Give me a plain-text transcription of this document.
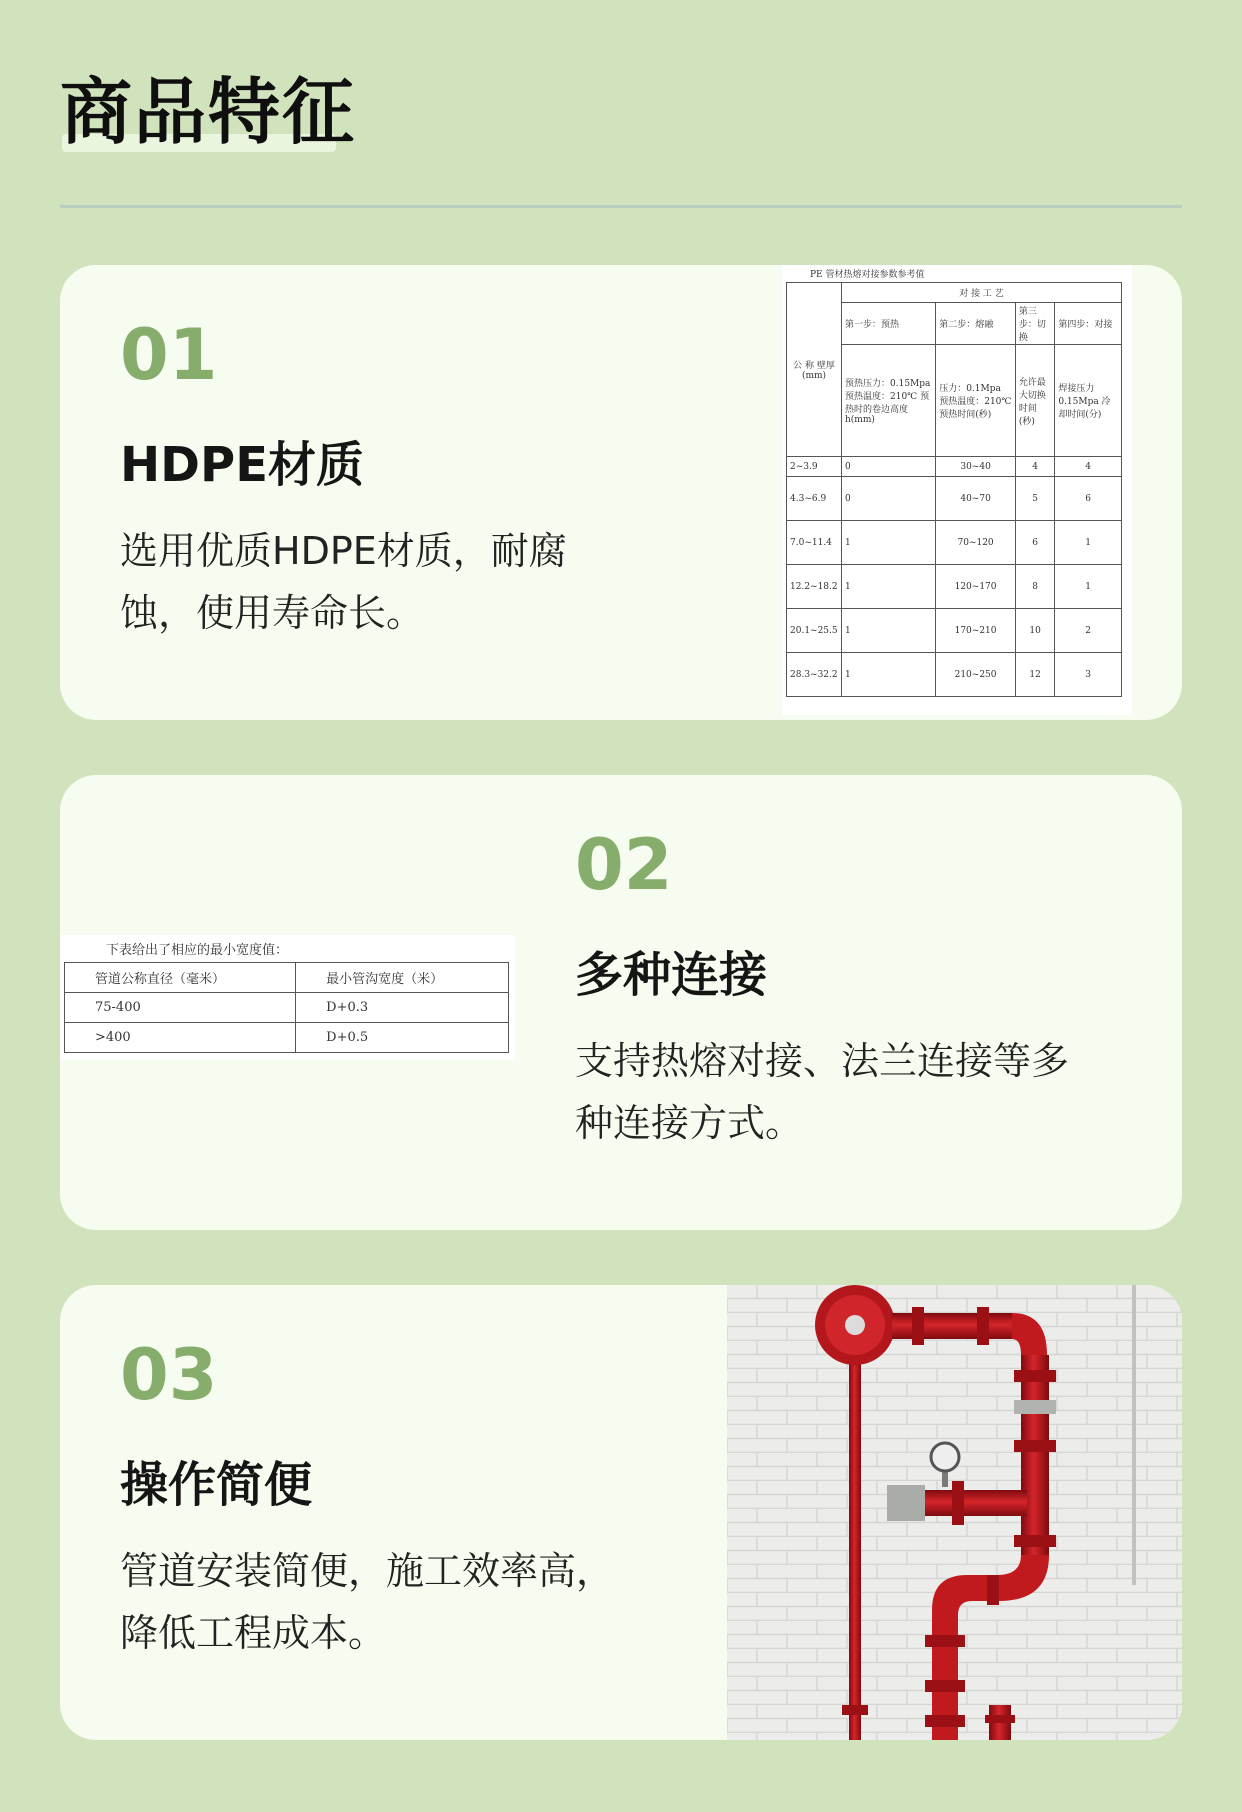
商品特征
01
HDPE材质
选用优质HDPE材质，耐腐
蚀，使用寿命长。
PE 管材热熔对接参数参考值
公 称 壁厚 (mm)	对 接 工 艺			
	第一步：预热	第二步：熔融	第三步：切换	第四步：对接
	预热压力：0.15Mpa 预热温度：210℃ 预热时的卷边高度 h(mm)	压力：0.1Mpa 预热温度：210℃ 预热时间(秒)	允许最大切换时间(秒)	焊接压力 0.15Mpa 冷却时间(分)
2~3.9	0	30~40	4	4
4.3~6.9	0	40~70	5	6
7.0~11.4	1	70~120	6	1
12.2~18.2	1	120~170	8	1
20.1~25.5	1	170~210	10	2
28.3~32.2	1	210~250	12	3
下表给出了相应的最小宽度值：
管道公称直径（毫米）	最小管沟宽度（米）
75-400	D+0.3
>400	D+0.5
02
多种连接
支持热熔对接、法兰连接等多
种连接方式。
03
操作简便
管道安装简便，施工效率高，
降低工程成本。
